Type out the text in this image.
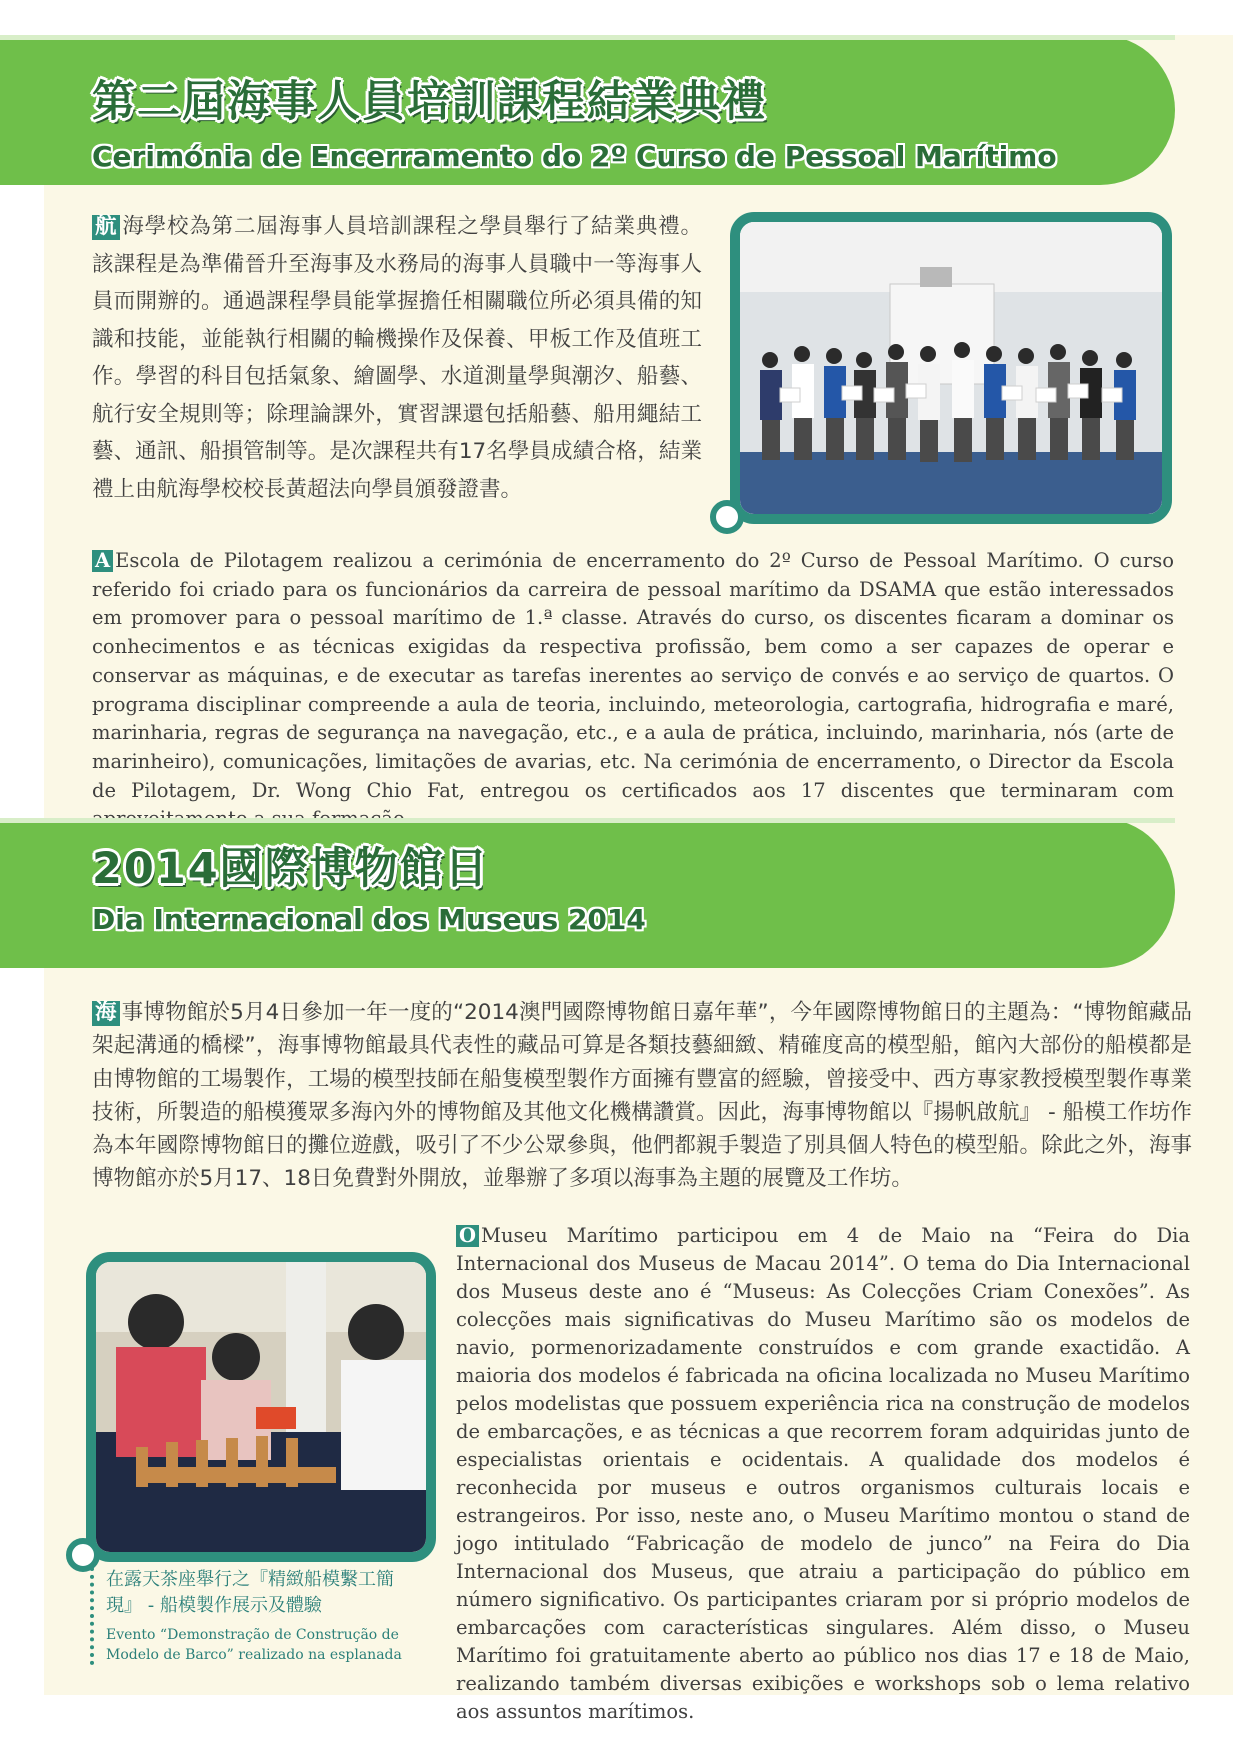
第二屆海事人員培訓課程結業典禮
Cerimónia de Encerramento do 2º Curso de Pessoal Marítimo
航 海學校為第二屆海事人員培訓課程之學員舉行了結業典禮。該課程是為準備晉升至海事及水務局的海事人員職中一等海事人員而開辦的。通過課程學員能掌握擔任相關職位所必須具備的知識和技能，並能執行相關的輪機操作及保養、甲板工作及值班工作。學習的科目包括氣象、繪圖學、水道測量學與潮汐、船藝、航行安全規則等；除理論課外，實習課還包括船藝、船用繩結工藝、通訊、船損管制等。是次課程共有17名學員成績合格，結業禮上由航海學校校長黃超法向學員頒發證書。
A Escola de Pilotagem realizou a cerimónia de encerramento do 2º Curso de Pessoal Marítimo. O curso referido foi criado para os funcionários da carreira de pessoal marítimo da DSAMA que estão interessados em promover para o pessoal marítimo de 1.ª classe. Através do curso, os discentes ficaram a dominar os conhecimentos e as técnicas exigidas da respectiva profissão, bem como a ser capazes de operar e conservar as máquinas, e de executar as tarefas inerentes ao serviço de convés e ao serviço de quartos. O programa disciplinar compreende a aula de teoria, incluindo, meteorologia, cartografia, hidrografia e maré, marinharia, regras de segurança na navegação, etc., e a aula de prática, incluindo, marinharia, nós (arte de marinheiro), comunicações, limitações de avarias, etc. Na cerimónia de encerramento, o Director da Escola de Pilotagem, Dr. Wong Chio Fat, entregou os certificados aos 17 discentes que terminaram com
2014國際博物館日
Dia Internacional dos Museus 2014
海 事博物館於5月4日參加一年一度的“2014澳門國際博物館日嘉年華”，今年國際博物館日的主題為：“博物館藏品架起溝通的橋樑”，海事博物館最具代表性的藏品可算是各類技藝細緻、精確度高的模型船，館內大部份的船模都是由博物館的工場製作，工場的模型技師在船隻模型製作方面擁有豐富的經驗，曾接受中、西方專家教授模型製作專業技術，所製造的船模獲眾多海內外的博物館及其他文化機構讚賞。因此，海事博物館以『揚帆啟航』 - 船模工作坊作為本年國際博物館日的攤位遊戲，吸引了不少公眾參與，他們都親手製造了別具個人特色的模型船。除此之外，海事博物館亦於5月17、18日免費對外開放，並舉辦了多項以海事為主題的展覽及工作坊。
在露天茶座舉行之『精緻船模繫工簡現』 - 船模製作展示及體驗
Evento “Demonstração de Construção de Modelo de Barco” realizado na esplanada
O Museu Marítimo participou em 4 de Maio na “Feira do Dia Internacional dos Museus de Macau 2014”. O tema do Dia Internacional dos Museus deste ano é “Museus: As Colecções Criam Conexões”. As colecções mais significativas do Museu Marítimo são os modelos de navio, pormenorizadamente construídos e com grande exactidão. A maioria dos modelos é fabricada na oficina localizada no Museu Marítimo pelos modelistas que possuem experiência rica na construção de modelos de embarcações, e as técnicas a que recorrem foram adquiridas junto de especialistas orientais e ocidentais. A qualidade dos modelos é reconhecida por museus e outros organismos culturais locais e estrangeiros. Por isso, neste ano, o Museu Marítimo montou o stand de jogo intitulado “Fabricação de modelo de junco” na Feira do Dia Internacional dos Museus, que atraiu a participação do público em número significativo. Os participantes criaram por si próprio modelos de embarcações com características singulares. Além disso, o Museu Marítimo foi gratuitamente aberto ao público nos dias 17 e 18 de Maio, realizando também diversas exibições e workshops sob o lema relativo aos assuntos marítimos.
